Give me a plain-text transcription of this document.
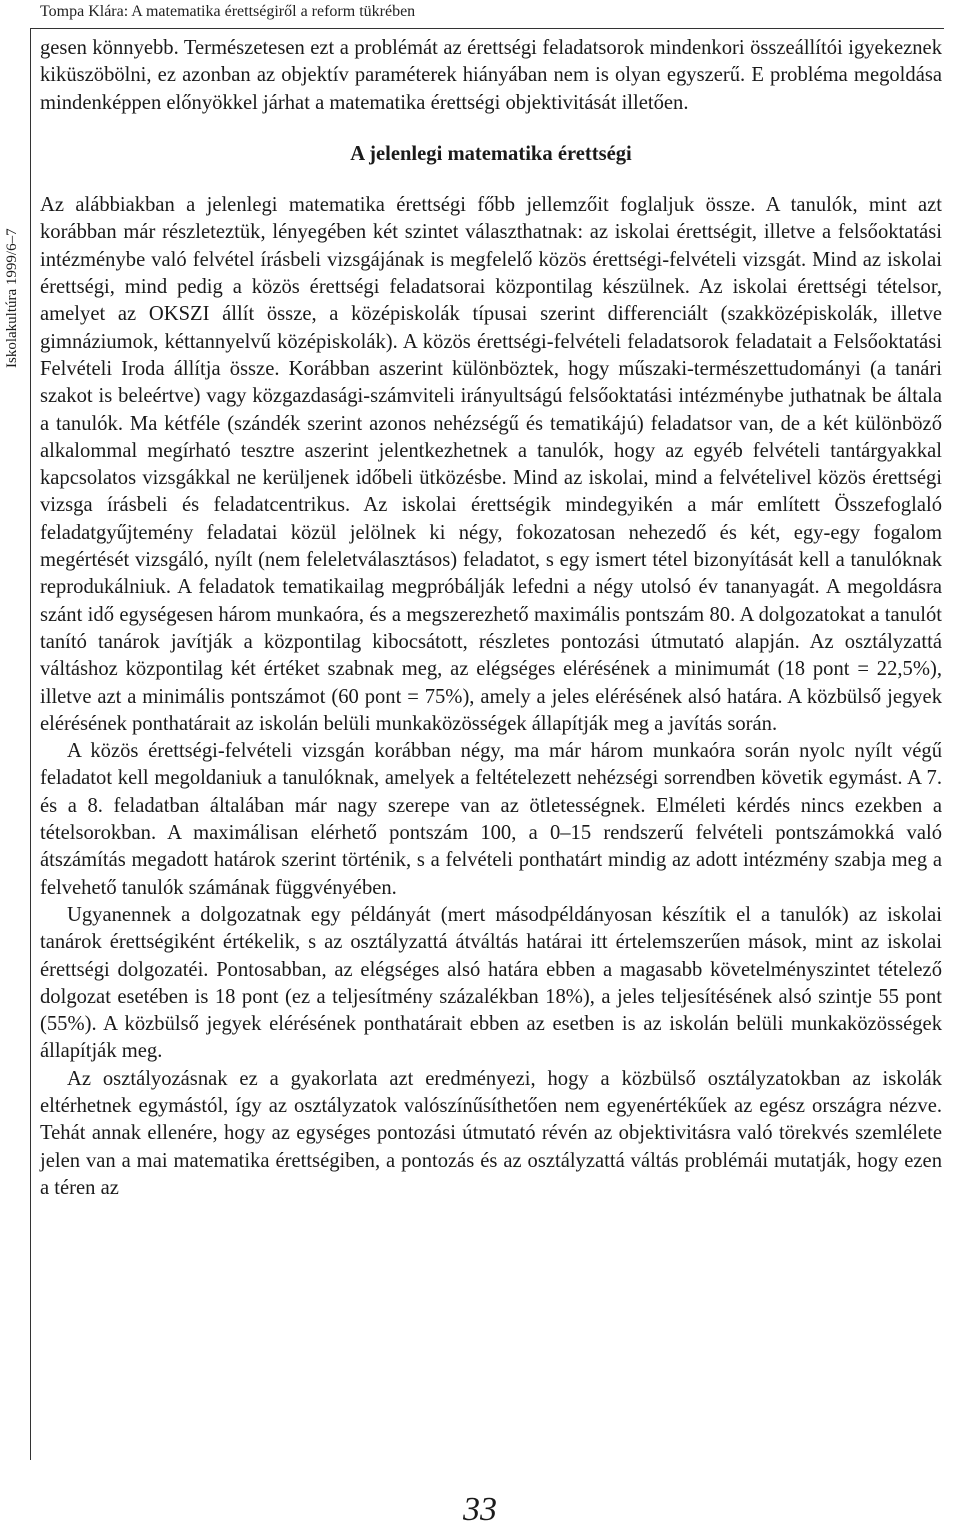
Tompa Klára: A matematika érettségiről a reform tükrében
Iskolakultúra 1999/6–7

gesen könnyebb. Természetesen ezt a problémát az érettségi feladatsorok mindenkori összeállítói igyekeznek kiküszöbölni, ez azonban az objektív paraméterek hiányában nem is olyan egyszerű. E probléma megoldása mindenképpen előnyökkel járhat a matematika érettségi objektivitását illetően.

A jelenlegi matematika érettségi

Az alábbiakban a jelenlegi matematika érettségi főbb jellemzőit foglaljuk össze. A tanulók, mint azt korábban már részleteztük, lényegében két szintet választhatnak: az iskolai érettségit, illetve a felsőoktatási intézménybe való felvétel írásbeli vizsgájának is megfelelő közös érettségi-felvételi vizsgát. Mind az iskolai érettségi, mind pedig a közös érettségi feladatsorai központilag készülnek. Az iskolai érettségi tételsor, amelyet az OKSZI állít össze, a középiskolák típusai szerint differenciált (szakközépiskolák, illetve gimnáziumok, kéttannyelvű középiskolák). A közös érettségi-felvételi feladatsorok feladatait a Felsőoktatási Felvételi Iroda állítja össze. Korábban aszerint különböztek, hogy műszaki-természettudományi (a tanári szakot is beleértve) vagy közgazdasági-számviteli irányultságú felsőoktatási intézménybe juthatnak be általa a tanulók. Ma kétféle (szándék szerint azonos nehézségű és tematikájú) feladatsor van, de a két különböző alkalommal megírható tesztre aszerint jelentkezhetnek a tanulók, hogy az egyéb felvételi tantárgyakkal kapcsolatos vizsgákkal ne kerüljenek időbeli ütközésbe. Mind az iskolai, mind a felvételivel közös érettségi vizsga írásbeli és feladatcentrikus. Az iskolai érettségik mindegyikén a már említett Összefoglaló feladatgyűjtemény feladatai közül jelölnek ki négy, fokozatosan nehezedő és két, egy-egy fogalom megértését vizsgáló, nyílt (nem feleletválasztásos) feladatot, s egy ismert tétel bizonyítását kell a tanulóknak reprodukálniuk. A feladatok tematikailag megpróbálják lefedni a négy utolsó év tananyagát. A megoldásra szánt idő egységesen három munkaóra, és a megszerezhető maximális pontszám 80. A dolgozatokat a tanulót tanító tanárok javítják a központilag kibocsátott, részletes pontozási útmutató alapján. Az osztályzattá váltáshoz központilag két értéket szabnak meg, az elégséges elérésének a minimumát (18 pont = 22,5%), illetve azt a minimális pontszámot (60 pont = 75%), amely a jeles elérésének alsó határa. A közbülső jegyek elérésének ponthatárait az iskolán belüli munkaközösségek állapítják meg a javítás során.

A közös érettségi-felvételi vizsgán korábban négy, ma már három munkaóra során nyolc nyílt végű feladatot kell megoldaniuk a tanulóknak, amelyek a feltételezett nehézségi sorrendben követik egymást. A 7. és a 8. feladatban általában már nagy szerepe van az ötletességnek. Elméleti kérdés nincs ezekben a tételsorokban. A maximálisan elérhető pontszám 100, a 0–15 rendszerű felvételi pontszámokká való átszámítás megadott határok szerint történik, s a felvételi ponthatárt mindig az adott intézmény szabja meg a felvehető tanulók számának függvényében.

Ugyanennek a dolgozatnak egy példányát (mert másodpéldányosan készítik el a tanulók) az iskolai tanárok érettségiként értékelik, s az osztályzattá átváltás határai itt értelemszerűen mások, mint az iskolai érettségi dolgozatéi. Pontosabban, az elégséges alsó határa ebben a magasabb követelményszintet tételező dolgozat esetében is 18 pont (ez a teljesítmény százalékban 18%), a jeles teljesítésének alsó szintje 55 pont (55%). A közbülső jegyek elérésének ponthatárait ebben az esetben is az iskolán belüli munkaközösségek állapítják meg.

Az osztályozásnak ez a gyakorlata azt eredményezi, hogy a közbülső osztályzatokban az iskolák eltérhetnek egymástól, így az osztályzatok valószínűsíthetően nem egyenértékűek az egész országra nézve. Tehát annak ellenére, hogy az egységes pontozási útmutató révén az objektivitásra való törekvés szemlélete jelen van a mai matematika érettségiben, a pontozás és az osztályzattá váltás problémái mutatják, hogy ezen a téren az

33
